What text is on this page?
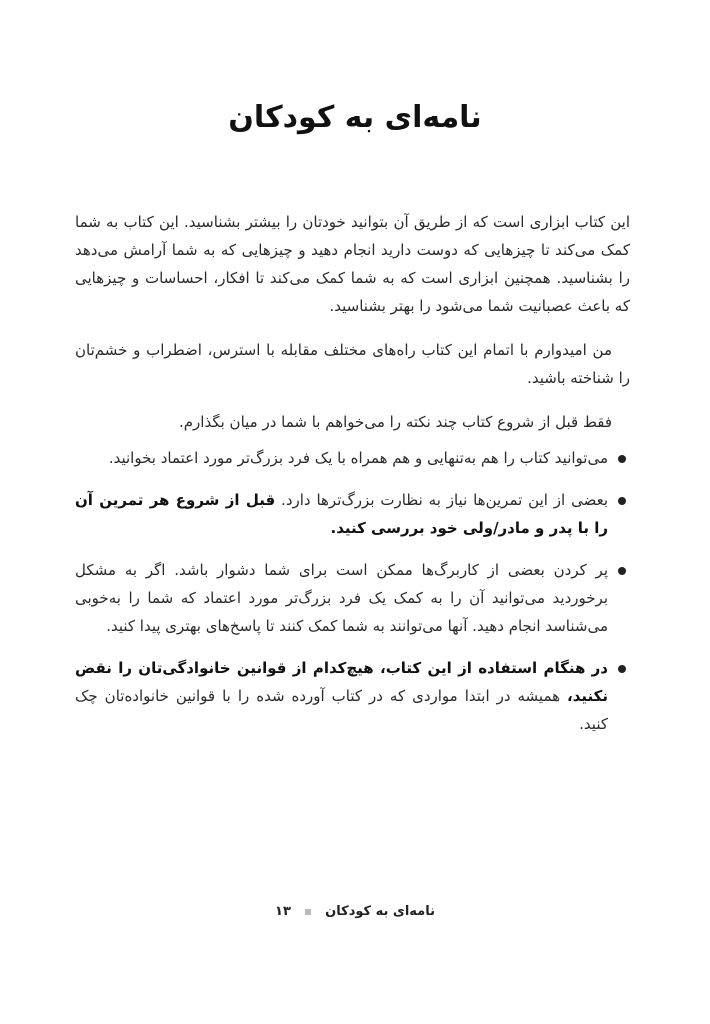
نامه‌ای به کودکان

این کتاب ابزاری است که از طریق آن بتوانید خودتان را بیشتر بشناسید. این کتاب به شما کمک می‌کند تا چیزهایی که دوست دارید انجام دهید و چیزهایی که به شما آرامش می‌دهد را بشناسید. همچنین ابزاری است که به شما کمک می‌کند تا افکار، احساسات و چیزهایی که باعث عصبانیت شما می‌شود را بهتر بشناسید.

من امیدوارم با اتمام این کتاب راه‌های مختلف مقابله با استرس، اضطراب و خشم‌تان را شناخته باشید.

فقط قبل از شروع کتاب چند نکته را می‌خواهم با شما در میان بگذارم.

می‌توانید کتاب را هم به‌تنهایی و هم همراه با یک فرد بزرگ‌تر مورد اعتماد بخوانید.
بعضی از این تمرین‌ها نیاز به نظارت بزرگ‌ترها دارد. قبل از شروع هر تمرین آن را با پدر و مادر/ولی خود بررسی کنید.
پر کردن بعضی از کاربرگ‌ها ممکن است برای شما دشوار باشد. اگر به مشکل برخوردید می‌توانید آن را به کمک یک فرد بزرگ‌تر مورد اعتماد که شما را به‌خوبی می‌شناسد انجام دهید. آنها می‌توانند به شما کمک کنند تا پاسخ‌های بهتری پیدا کنید.
در هنگام استفاده از این کتاب، هیچ‌کدام از قوانین خانوادگی‌تان را نقض نکنید، همیشه در ابتدا مواردی که در کتاب آورده شده را با قوانین خانواده‌تان چک کنید.
نامه‌ای به کودکان  ۱۳
